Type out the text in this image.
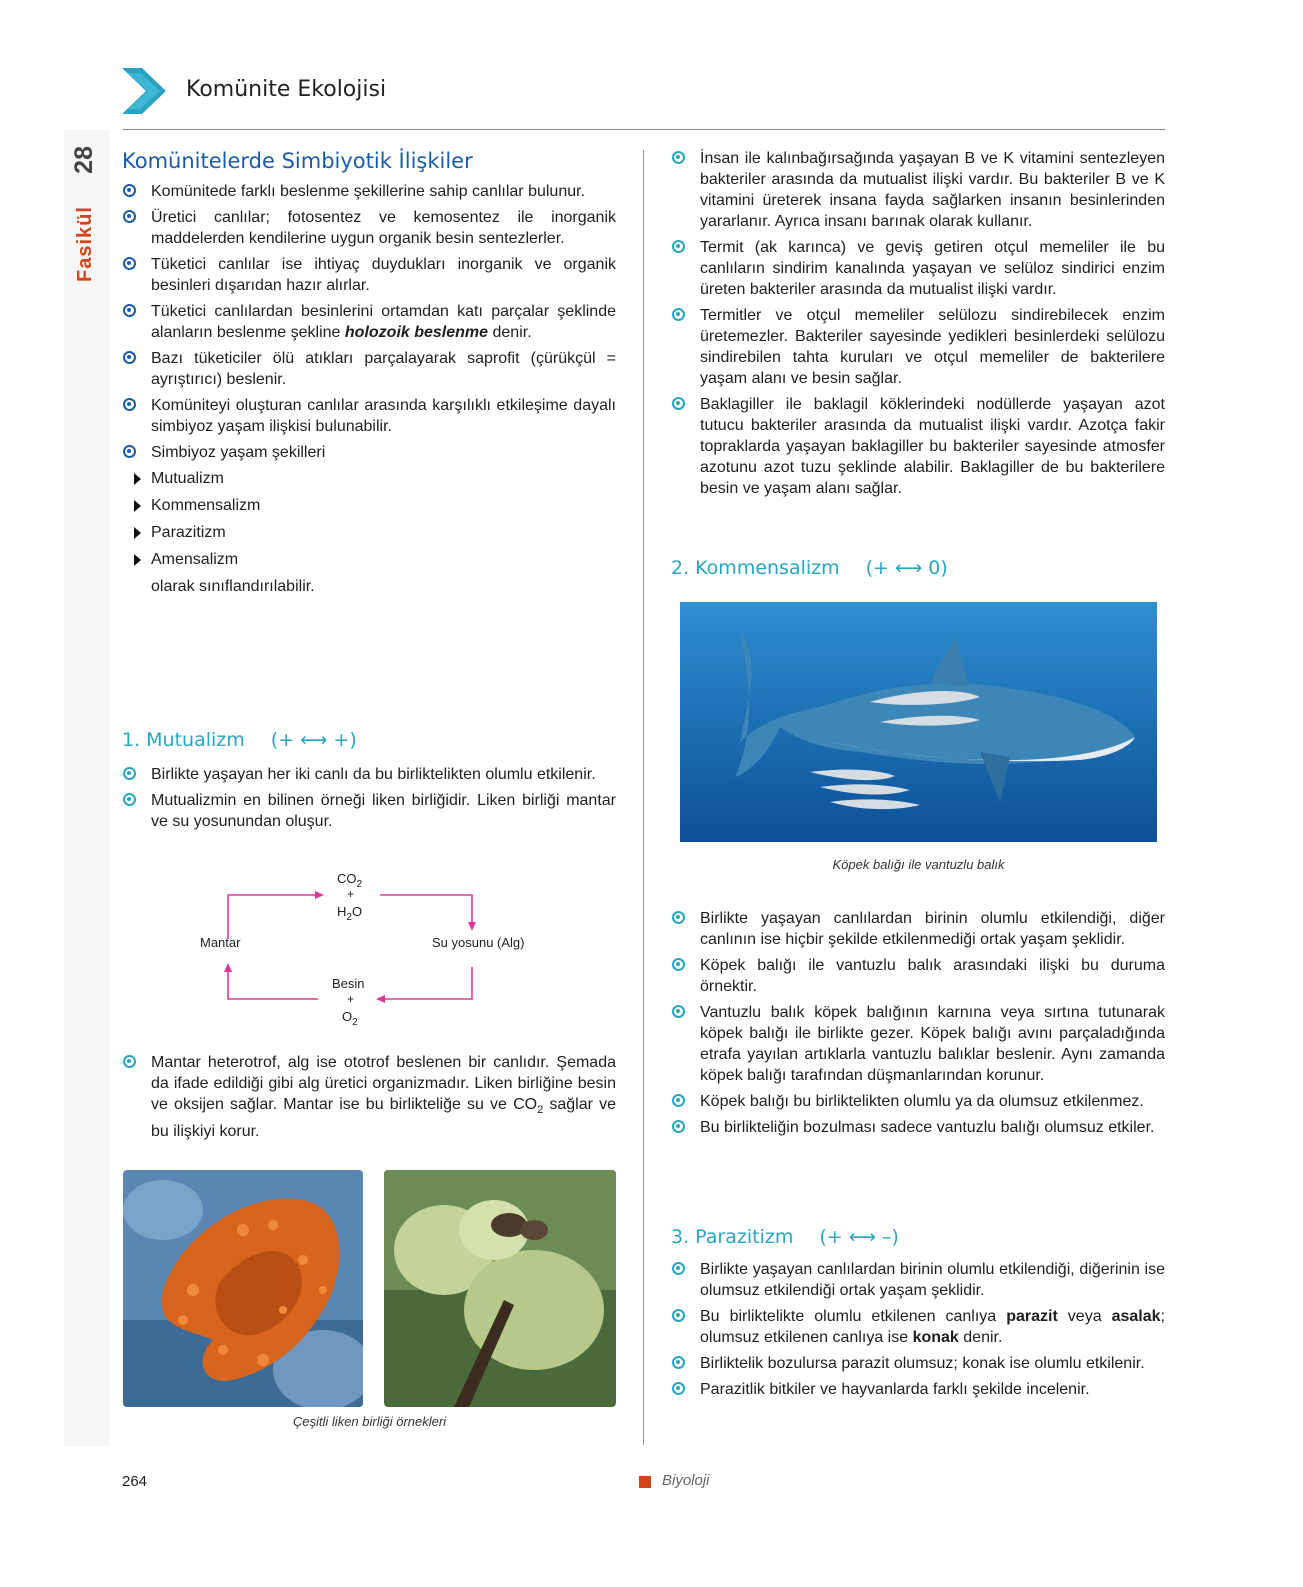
Komünite Ekolojisi
28
Fasikül
Komünitelerde Simbiyotik İlişkiler
Komünitede farklı beslenme şekillerine sahip canlılar bulunur.
Üretici canlılar; fotosentez ve kemosentez ile inorganik maddelerden kendilerine uygun organik besin sentezlerler.
Tüketici canlılar ise ihtiyaç duydukları inorganik ve organik besinleri dışarıdan hazır alırlar.
Tüketici canlılardan besinlerini ortamdan katı parçalar şeklinde alanların beslenme şekline holozoik beslenme denir.
Bazı tüketiciler ölü atıkları parçalayarak saprofit (çürükçül = ayrıştırıcı) beslenir.
Komüniteyi oluşturan canlılar arasında karşılıklı etkileşime dayalı simbiyoz yaşam ilişkisi bulunabilir.
Simbiyoz yaşam şekilleri
Mutualizm
Kommensalizm
Parazitizm
Amensalizm
olarak sınıflandırılabilir.
1. Mutualizm (+ ⟷ +)
Birlikte yaşayan her iki canlı da bu birliktelikten olumlu etkilenir.
Mutualizmin en bilinen örneği liken birliğidir. Liken birliği mantar ve su yosunundan oluşur.
Mantar	Su yosunu (Alg)
$CO_2$
+
$H_2O$
Besin
+
$O_2$
Mantar heterotrof, alg ise ototrof beslenen bir canlıdır. Şemada da ifade edildiği gibi alg üretici organizmadır. Liken birliğine besin ve oksijen sağlar. Mantar ise bu birlikteliğe su ve $CO_2$ sağlar ve bu ilişkiyi korur.
Çeşitli liken birliği örnekleri
İnsan ile kalınbağırsağında yaşayan B ve K vitamini sentezleyen bakteriler arasında da mutualist ilişki vardır. Bu bakteriler B ve K vitamini üreterek insana fayda sağlarken insanın besinlerinden yararlanır. Ayrıca insanı barınak olarak kullanır.
Termit (ak karınca) ve geviş getiren otçul memeliler ile bu canlıların sindirim kanalında yaşayan ve selüloz sindirici enzim üreten bakteriler arasında da mutualist ilişki vardır.
Termitler ve otçul memeliler selülozu sindirebilecek enzim üretemezler. Bakteriler sayesinde yedikleri besinlerdeki selülozu sindirebilen tahta kuruları ve otçul memeliler de bakterilere yaşam alanı ve besin sağlar.
Baklagiller ile baklagil köklerindeki nodüllerde yaşayan azot tutucu bakteriler arasında da mutualist ilişki vardır. Azotça fakir topraklarda yaşayan baklagiller bu bakteriler sayesinde atmosfer azotunu azot tuzu şeklinde alabilir. Baklagiller de bu bakterilere besin ve yaşam alanı sağlar.
2. Kommensalizm (+ ⟷ 0)
Köpek balığı ile vantuzlu balık
Birlikte yaşayan canlılardan birinin olumlu etkilendiği, diğer canlının ise hiçbir şekilde etkilenmediği ortak yaşam şeklidir.
Köpek balığı ile vantuzlu balık arasındaki ilişki bu duruma örnektir.
Vantuzlu balık köpek balığının karnına veya sırtına tutunarak köpek balığı ile birlikte gezer. Köpek balığı avını parçaladığında etrafa yayılan artıklarla vantuzlu balıklar beslenir. Aynı zamanda köpek balığı tarafından düşmanlarından korunur.
Köpek balığı bu birliktelikten olumlu ya da olumsuz etkilenmez.
Bu birlikteliğin bozulması sadece vantuzlu balığı olumsuz etkiler.
3. Parazitizm (+ ⟷ –)
Birlikte yaşayan canlılardan birinin olumlu etkilendiği, diğerinin ise olumsuz etkilendiği ortak yaşam şeklidir.
Bu birliktelikte olumlu etkilenen canlıya parazit veya asalak; olumsuz etkilenen canlıya ise konak denir.
Birliktelik bozulursa parazit olumsuz; konak ise olumlu etkilenir.
Parazitlik bitkiler ve hayvanlarda farklı şekilde incelenir.
264	Biyoloji
